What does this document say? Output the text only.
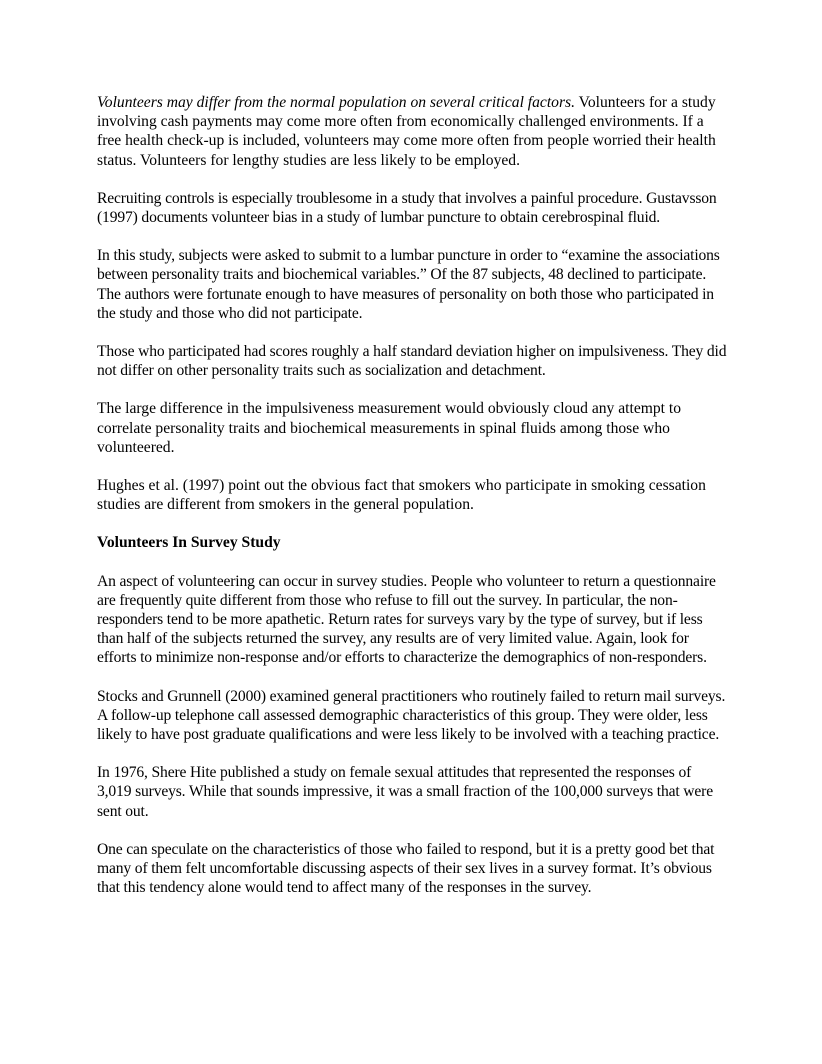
Volunteers may differ from the normal population on several critical factors. Volunteers for a study involving cash payments may come more often from economically challenged environments. If a free health check-up is included, volunteers may come more often from people worried their health status. Volunteers for lengthy studies are less likely to be employed.

Recruiting controls is especially troublesome in a study that involves a painful procedure. Gustavsson (1997) documents volunteer bias in a study of lumbar puncture to obtain cerebrospinal fluid.

In this study, subjects were asked to submit to a lumbar puncture in order to “examine the associations between personality traits and biochemical variables.” Of the 87 subjects, 48 declined to participate. The authors were fortunate enough to have measures of personality on both those who participated in the study and those who did not participate.

Those who participated had scores roughly a half standard deviation higher on impulsiveness. They did not differ on other personality traits such as socialization and detachment.

The large difference in the impulsiveness measurement would obviously cloud any attempt to correlate personality traits and biochemical measurements in spinal fluids among those who volunteered.

Hughes et al. (1997) point out the obvious fact that smokers who participate in smoking cessation studies are different from smokers in the general population.

Volunteers In Survey Study

An aspect of volunteering can occur in survey studies. People who volunteer to return a questionnaire are frequently quite different from those who refuse to fill out the survey. In particular, the non-responders tend to be more apathetic. Return rates for surveys vary by the type of survey, but if less than half of the subjects returned the survey, any results are of very limited value. Again, look for efforts to minimize non-response and/or efforts to characterize the demographics of non-responders.

Stocks and Grunnell (2000) examined general practitioners who routinely failed to return mail surveys. A follow-up telephone call assessed demographic characteristics of this group. They were older, less likely to have post graduate qualifications and were less likely to be involved with a teaching practice.

In 1976, Shere Hite published a study on female sexual attitudes that represented the responses of 3,019 surveys. While that sounds impressive, it was a small fraction of the 100,000 surveys that were sent out.

One can speculate on the characteristics of those who failed to respond, but it is a pretty good bet that many of them felt uncomfortable discussing aspects of their sex lives in a survey format. It’s obvious that this tendency alone would tend to affect many of the responses in the survey.
